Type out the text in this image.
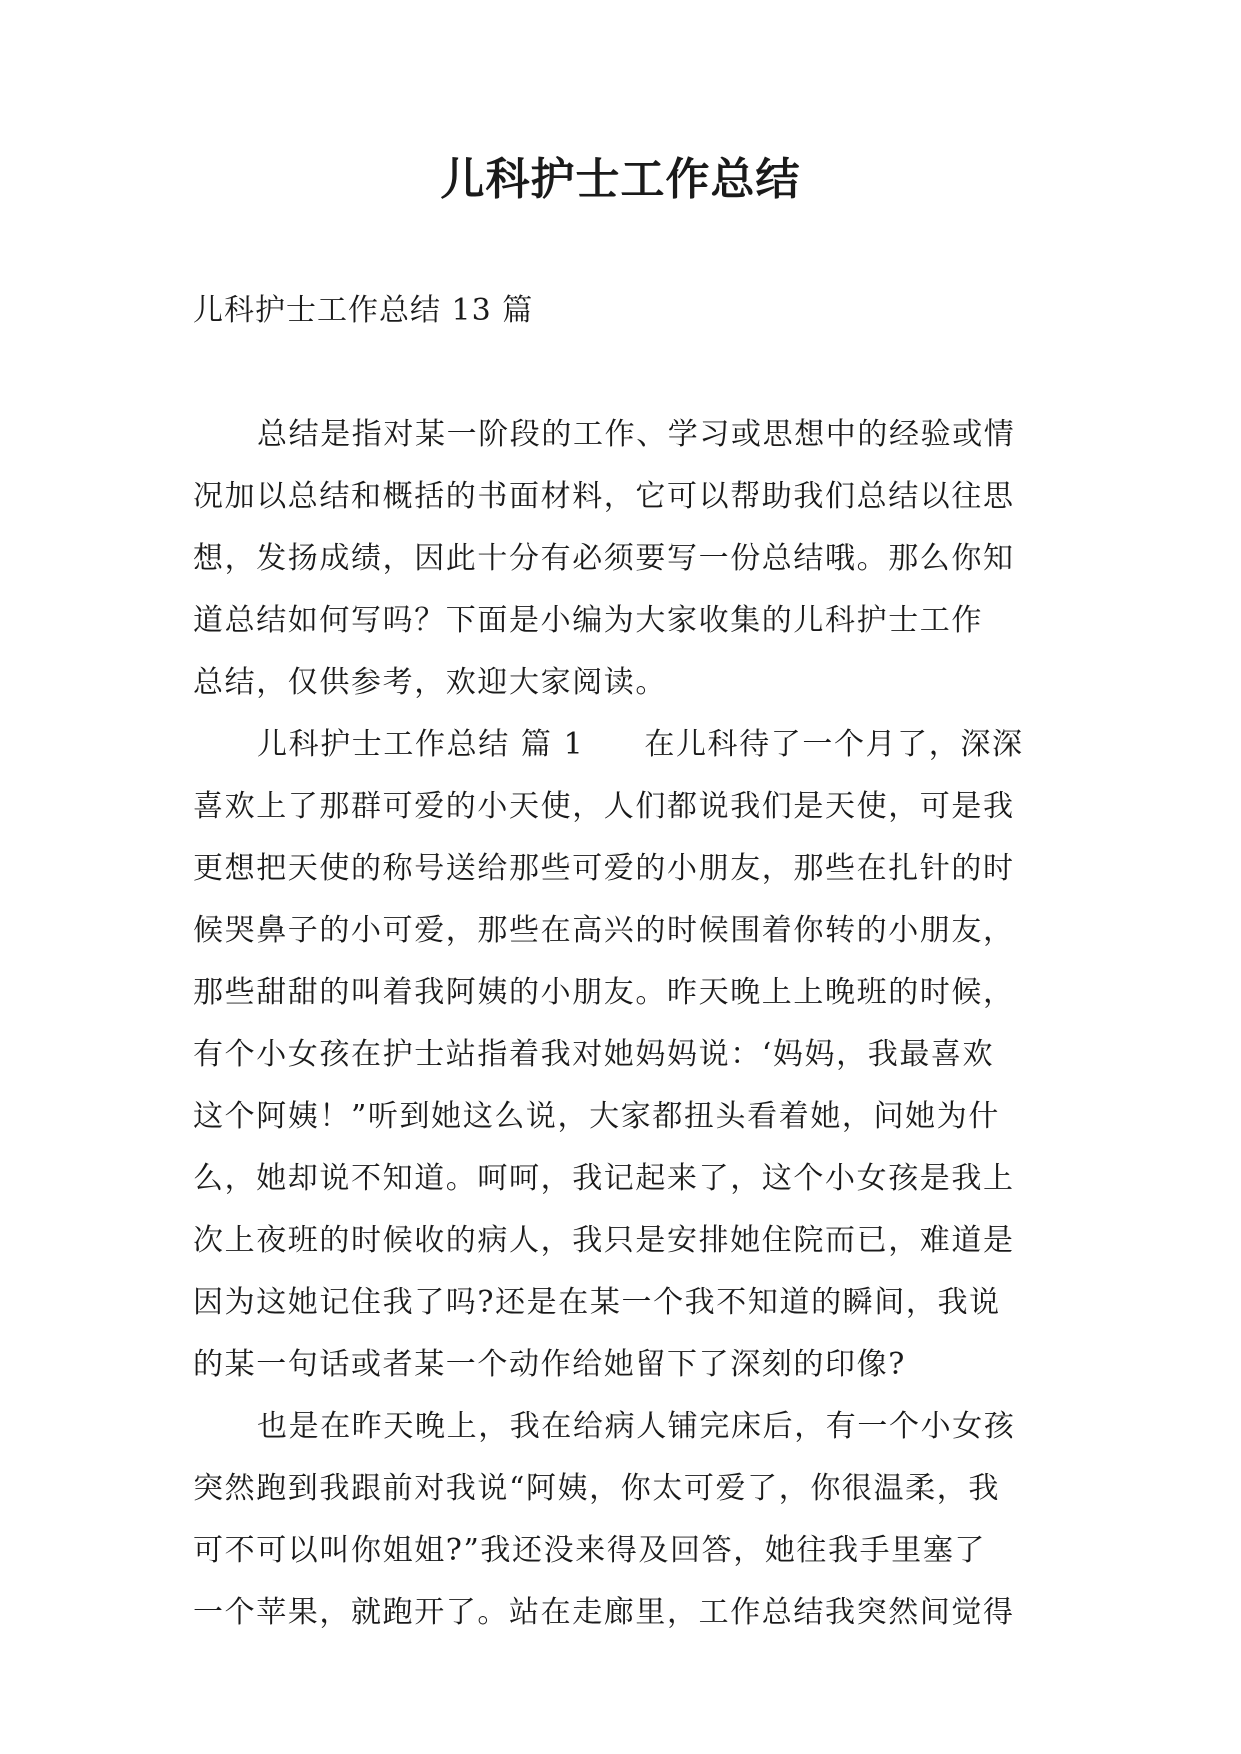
儿科护士工作总结
儿科护士工作总结 13 篇
总结是指对某一阶段的工作、学习或思想中的经验或情
况加以总结和概括的书面材料，它可以帮助我们总结以往思
想，发扬成绩，因此十分有必须要写一份总结哦。那么你知
道总结如何写吗？下面是小编为大家收集的儿科护士工作
总结，仅供参考，欢迎大家阅读。
儿科护士工作总结 篇 1 在儿科待了一个月了，深深
喜欢上了那群可爱的小天使，人们都说我们是天使，可是我
更想把天使的称号送给那些可爱的小朋友，那些在扎针的时
候哭鼻子的小可爱，那些在高兴的时候围着你转的小朋友，
那些甜甜的叫着我阿姨的小朋友。昨天晚上上晚班的时候，
有个小女孩在护士站指着我对她妈妈说：‘妈妈，我最喜欢
这个阿姨！”听到她这么说，大家都扭头看着她，问她为什
么，她却说不知道。呵呵，我记起来了，这个小女孩是我上
次上夜班的时候收的病人，我只是安排她住院而已，难道是
因为这她记住我了吗?还是在某一个我不知道的瞬间，我说
的某一句话或者某一个动作给她留下了深刻的印像?
也是在昨天晚上，我在给病人铺完床后，有一个小女孩
突然跑到我跟前对我说“阿姨，你太可爱了，你很温柔，我
可不可以叫你姐姐?”我还没来得及回答，她往我手里塞了
一个苹果，就跑开了。站在走廊里，工作总结我突然间觉得
